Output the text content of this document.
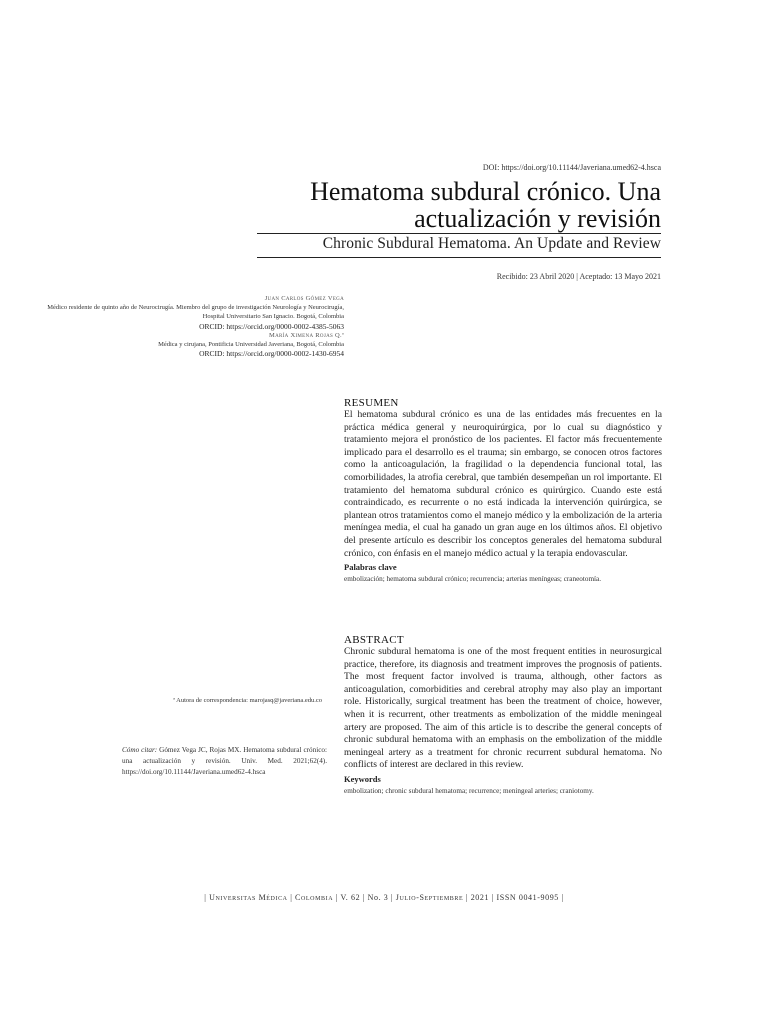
DOI: https://doi.org/10.11144/Javeriana.umed62-4.hsca
Hematoma subdural crónico. Una actualización y revisión
Chronic Subdural Hematoma. An Update and Review
Recibido: 23 Abril 2020 | Aceptado: 13 Mayo 2021
Juan Carlos Gómez Vega
Médico residente de quinto año de Neurocirugía. Miembro del grupo de investigación Neurología y Neurocirugía, Hospital Universitario San Ignacio. Bogotá, Colombia
ORCID: https://orcid.org/0000-0002-4385-5063
María Ximena Rojas Q.ª
Médica y cirujana, Pontificia Universidad Javeriana, Bogotá, Colombia
ORCID: https://orcid.org/0000-0002-1430-6954
RESUMEN
El hematoma subdural crónico es una de las entidades más frecuentes en la práctica médica general y neuroquirúrgica, por lo cual su diagnóstico y tratamiento mejora el pronóstico de los pacientes. El factor más frecuentemente implicado para el desarrollo es el trauma; sin embargo, se conocen otros factores como la anticoagulación, la fragilidad o la dependencia funcional total, las comorbilidades, la atrofia cerebral, que también desempeñan un rol importante. El tratamiento del hematoma subdural crónico es quirúrgico. Cuando este está contraindicado, es recurrente o no está indicada la intervención quirúrgica, se plantean otros tratamientos como el manejo médico y la embolización de la arteria meníngea media, el cual ha ganado un gran auge en los últimos años. El objetivo del presente artículo es describir los conceptos generales del hematoma subdural crónico, con énfasis en el manejo médico actual y la terapia endovascular.
Palabras clave
embolización; hematoma subdural crónico; recurrencia; arterias meníngeas; craneotomía.
ABSTRACT
Chronic subdural hematoma is one of the most frequent entities in neurosurgical practice, therefore, its diagnosis and treatment improves the prognosis of patients. The most frequent factor involved is trauma, although, other factors as anticoagulation, comorbidities and cerebral atrophy may also play an important role. Historically, surgical treatment has been the treatment of choice, however, when it is recurrent, other treatments as embolization of the middle meningeal artery are proposed. The aim of this article is to describe the general concepts of chronic subdural hematoma with an emphasis on the embolization of the middle meningeal artery as a treatment for chronic recurrent subdural hematoma. No conflicts of interest are declared in this review.
Keywords
embolization; chronic subdural hematoma; recurrence; meningeal arteries; craniotomy.
ª Autora de correspondencia: marojasq@javeriana.edu.co
Cómo citar: Gómez Vega JC, Rojas MX. Hematoma subdural crónico: una actualización y revisión. Univ. Med. 2021;62(4). https://doi.org/10.11144/Javeriana.umed62-4.hsca
| Universitas Médica | Colombia | V. 62 | No. 3 | Julio-Septiembre | 2021 | ISSN 0041-9095 |
